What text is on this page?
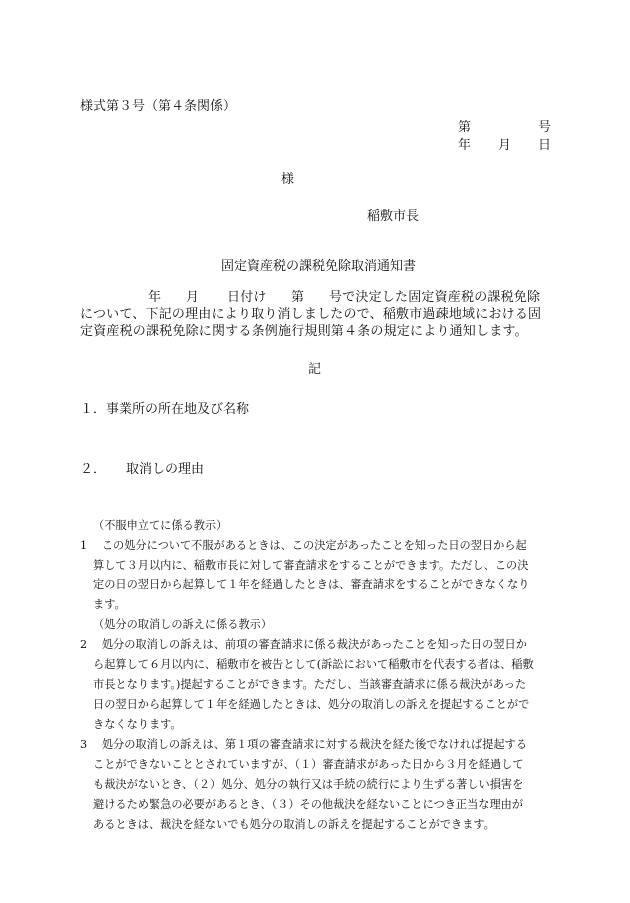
様式第３号（第４条関係）
第	号
年 月 日
様
稲敷市長
固定資産税の課税免除取消通知書
年 月 日付け 第 号で決定した固定資産税の課税免除
について、下記の理由により取り消しましたので、稲敷市過疎地域における固
定資産税の課税免除に関する条例施行規則第４条の規定により通知します。
記
１．事業所の所在地及び名称
２． 取消しの理由
（不服申立てに係る教示）
1　 この処分について不服があるときは、この決定があったことを知った日の翌日から起
算して３月以内に、稲敷市長に対して審査請求をすることができます。ただし、この決
定の日の翌日から起算して１年を経過したときは、審査請求をすることができなくなり
ます。
（処分の取消しの訴えに係る教示）
2　 処分の取消しの訴えは、前項の審査請求に係る裁決があったことを知った日の翌日か
ら起算して６月以内に、稲敷市を被告として(訴訟において稲敷市を代表する者は、稲敷
市長となります。)提起することができます。ただし、当該審査請求に係る裁決があった
日の翌日から起算して１年を経過したときは、処分の取消しの訴えを提起することがで
きなくなります。
3　 処分の取消しの訴えは、第１項の審査請求に対する裁決を経た後でなければ提起する
ことができないこととされていますが、（１）審査請求があった日から３月を経過して
も裁決がないとき、（２）処分、処分の執行又は手続の続行により生ずる著しい損害を
避けるため緊急の必要があるとき、（３）その他裁決を経ないことにつき正当な理由が
あるときは、裁決を経ないでも処分の取消しの訴えを提起することができます。
